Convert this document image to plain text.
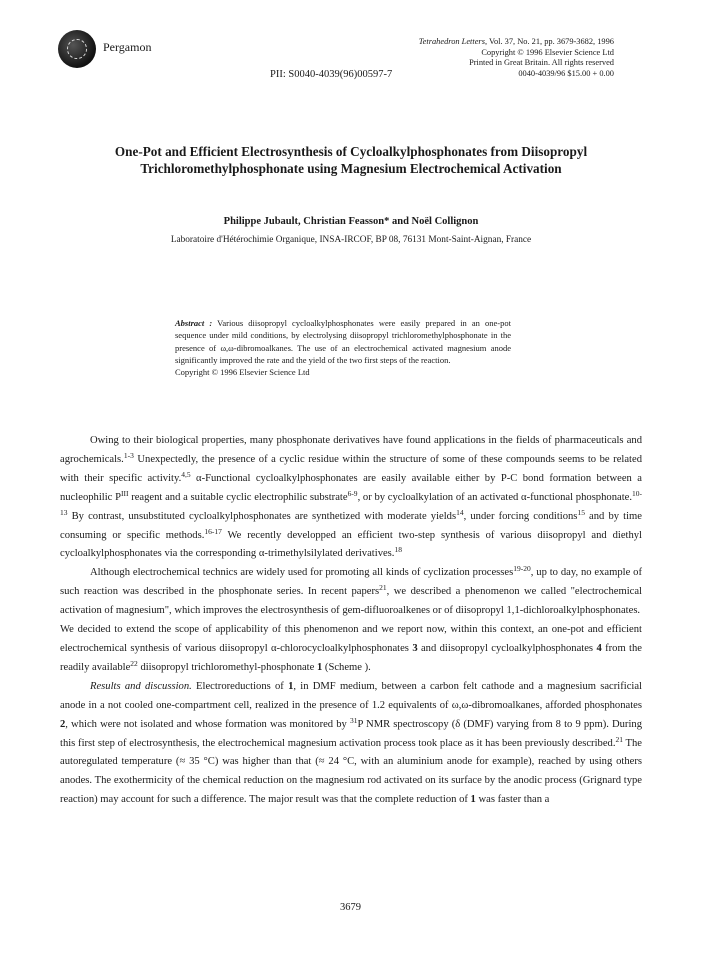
Pergamon	Tetrahedron Letters, Vol. 37, No. 21, pp. 3679-3682, 1996
Copyright © 1996 Elsevier Science Ltd
Printed in Great Britain. All rights reserved
0040-4039/96 $15.00 + 0.00
PII: S0040-4039(96)00597-7
One-Pot and Efficient Electrosynthesis of Cycloalkylphosphonates from Diisopropyl Trichloromethylphosphonate using Magnesium Electrochemical Activation
Philippe Jubault, Christian Feasson* and Noël Collignon
Laboratoire d'Hétérochimie Organique, INSA-IRCOF, BP 08, 76131 Mont-Saint-Aignan, France
Abstract : Various diisopropyl cycloalkylphosphonates were easily prepared in an one-pot sequence under mild conditions, by electrolysing diisopropyl trichloromethylphosphonate in the presence of ω,ω-dibromoalkanes. The use of an electrochemical activated magnesium anode significantly improved the rate and the yield of the two first steps of the reaction.
Copyright © 1996 Elsevier Science Ltd

Owing to their biological properties, many phosphonate derivatives have found applications in the fields of pharmaceuticals and agrochemicals.$^{1-3}$ Unexpectedly, the presence of a cyclic residue within the structure of some of these compounds seems to be related with their specific activity.$^{4,5}$ α-Functional cycloalkylphosphonates are easily available either by P-C bond formation between a nucleophilic $P^{III}$ reagent and a suitable cyclic electrophilic substrate$^{6-9}$, or by cycloalkylation of an activated α-functional phosphonate.$^{10-13}$ By contrast, unsubstituted cycloalkylphosphonates are synthetized with moderate yields$^{14}$, under forcing conditions$^{15}$ and by time consuming or specific methods.$^{16-17}$ We recently developped an efficient two-step synthesis of various diisopropyl and diethyl cycloalkylphosphonates via the corresponding α-trimethylsilylated derivatives.$^{18}$

Although electrochemical technics are widely used for promoting all kinds of cyclization processes$^{19-20}$, up to day, no example of such reaction was described in the phosphonate series. In recent papers$^{21}$, we described a phenomenon we called "electrochemical activation of magnesium", which improves the electrosynthesis of gem-difluoroalkenes or of diisopropyl 1,1-dichloroalkylphosphonates.

We decided to extend the scope of applicability of this phenomenon and we report now, within this context, an one-pot and efficient electrochemical synthesis of various diisopropyl α-chlorocycloalkylphosphonates 3 and diisopropyl cycloalkylphosphonates 4 from the readily available$^{22}$ diisopropyl trichloromethyl-phosphonate 1 (Scheme ).

Results and discussion. Electroreductions of 1, in DMF medium, between a carbon felt cathode and a magnesium sacrificial anode in a not cooled one-compartment cell, realized in the presence of 1.2 equivalents of ω,ω-dibromoalkanes, afforded phosphonates 2, which were not isolated and whose formation was monitored by $^{31}$P NMR spectroscopy (δ (DMF) varying from 8 to 9 ppm). During this first step of electrosynthesis, the electrochemical magnesium activation process took place as it has been previously described.$^{21}$ The autoregulated temperature (≈ 35 °C) was higher than that (≈ 24 °C, with an aluminium anode for example), reached by using others anodes. The exothermicity of the chemical reduction on the magnesium rod activated on its surface by the anodic process (Grignard type reaction) may account for such a difference. The major result was that the complete reduction of 1 was faster than a

3679
